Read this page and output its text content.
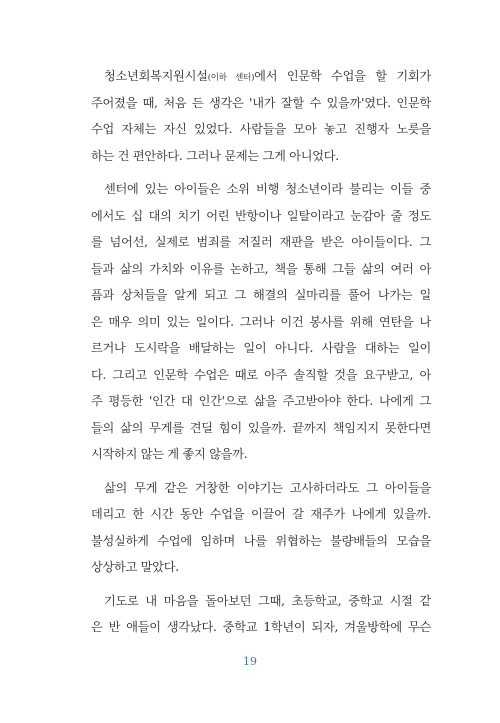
청소년회복지원시설(이하 센터)에서 인문학 수업을 할 기회가
주어졌을 때, 처음 든 생각은 '내가 잘할 수 있을까'였다. 인문학
수업 자체는 자신 있었다. 사람들을 모아 놓고 진행자 노릇을
하는 건 편안하다. 그러나 문제는 그게 아니었다.
센터에 있는 아이들은 소위 비행 청소년이라 불리는 이들 중
에서도 십 대의 치기 어린 반항이나 일탈이라고 눈감아 줄 정도
를 넘어선, 실제로 범죄를 저질러 재판을 받은 아이들이다. 그
들과 삶의 가치와 이유를 논하고, 책을 통해 그들 삶의 여러 아
픔과 상처들을 알게 되고 그 해결의 실마리를 풀어 나가는 일
은 매우 의미 있는 일이다. 그러나 이건 봉사를 위해 연탄을 나
르거나 도시락을 배달하는 일이 아니다. 사람을 대하는 일이
다. 그리고 인문학 수업은 때로 아주 솔직할 것을 요구받고, 아
주 평등한 '인간 대 인간'으로 삶을 주고받아야 한다. 나에게 그
들의 삶의 무게를 견딜 힘이 있을까. 끝까지 책임지지 못한다면
시작하지 않는 게 좋지 않을까.
삶의 무게 같은 거창한 이야기는 고사하더라도 그 아이들을
데리고 한 시간 동안 수업을 이끌어 갈 재주가 나에게 있을까.
불성실하게 수업에 임하며 나를 위협하는 불량배들의 모습을
상상하고 말았다.
기도로 내 마음을 돌아보던 그때, 초등학교, 중학교 시절 같
은 반 애들이 생각났다. 중학교 1학년이 되자, 겨울방학에 무슨
19
